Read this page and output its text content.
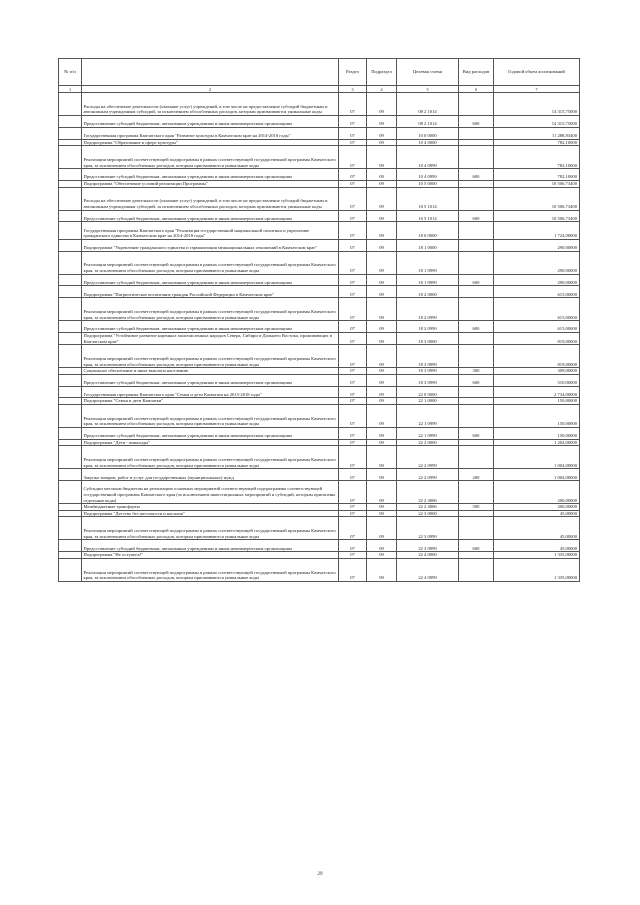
№ п/п		Раздел	Подраздел	Целевая статья	Вид расходов	Годовой объем ассигнований
1	2	3	4	5	6	7
	Расходы на обеспечение деятельности (оказание услуг) учреждений, в том числе на предоставление субсидий бюджетным и автономным учреждениям субсидий, за исключением обособленных расходов, которым присваиваются уникальные коды	07	09	08 2 1014		14 315,75000
	Предоставление субсидий бюджетным, автономным учреждениям и иным некоммерческим организациям	07	09	08 2 1014	600	14 315,75000
	Государственная программа Камчатского края "Развитие культуры в Камчатском крае на 2014-2018 годы"	07	09	10 0 0000		11 288,83400
	Подпрограмма "Образование в сфере культуры"	07	09	10 4 0000		782,10000
	Реализация мероприятий соответствующей подпрограммы в рамках соответствующей государственной программы Камчатского края, за исключением обособленных расходов, которым присваиваются уникальные коды	07	09	10 4 0999		782,10000
	Предоставление субсидий бюджетным, автономным учреждениям и иным некоммерческим организациям	07	09	10 4 0999	600	782,10000
	Подпрограмма "Обеспечение условий реализации Программы"	07	09	10 5 0000		10 506,73400
	Расходы на обеспечение деятельности (оказание услуг) учреждений, в том числе на предоставление субсидий бюджетным и автономным учреждениям субсидий, за исключением обособленных расходов, которым присваиваются уникальные коды	07	09	10 5 1014		10 506,73400
	Предоставление субсидий бюджетным, автономным учреждениям и иным некоммерческим организациям	07	09	10 5 1014	600	10 506,73400
	Государственная программа Камчатского края "Реализация государственной национальной политики и укрепление гражданского единства в Камчатском крае на 2014-2018 годы"	07	09	18 0 0000		1 724,00000
	Подпрограмма "Укрепление гражданского единства и гармонизация межнациональных отношений в Камчатском крае"	07	09	18 1 0000		290,00000
	Реализация мероприятий соответствующей подпрограммы в рамках соответствующей государственной программы Камчатского края, за исключением обособленных расходов, которым присваиваются уникальные коды	07	09	18 1 0999		290,00000
	Предоставление субсидий бюджетным, автономным учреждениям и иным некоммерческим организациям	07	09	18 1 0999	600	290,00000
	Подпрограмма "Патриотическое воспитание граждан Российской Федерации в Камчатском крае"	07	09	18 2 0000		615,00000
	Реализация мероприятий соответствующей подпрограммы в рамках соответствующей государственной программы Камчатского края, за исключением обособленных расходов, которым присваиваются уникальные коды	07	09	18 2 0999		615,00000
	Предоставление субсидий бюджетным, автономным учреждениям и иным некоммерческим организациям	07	09	18 2 0999	600	615,00000
	Подпрограмма "Устойчивое развитие коренных малочисленных народов Севера, Сибири и Дальнего Востока, проживающих в Камчатском крае"	07	09	18 3 0000		819,00000
	Реализация мероприятий соответствующей подпрограммы в рамках соответствующей государственной программы Камчатского края, за исключением обособленных расходов, которым присваиваются уникальные коды	07	09	18 3 0999		819,00000
	Социальное обеспечение и иные выплаты населению	07	09	18 3 0999	300	309,00000
	Предоставление субсидий бюджетным, автономным учреждениям и иным некоммерческим организациям	07	09	18 3 0999	600	510,00000
	Государственная программа Камчатского края "Семья и дети Камчатки на 2015-2018 годы"	07	09	22 0 0000		2 734,00000
	Подпрограмма "Семья и дети Камчатки"	07	09	22 1 0000		150,00000
	Реализация мероприятий соответствующей подпрограммы в рамках соответствующей государственной программы Камчатского края, за исключением обособленных расходов, которым присваиваются уникальные коды	07	09	22 1 0999		150,00000
	Предоставление субсидий бюджетным, автономным учреждениям и иным некоммерческим организациям	07	09	22 1 0999	600	150,00000
	Подпрограмма "Дети - инвалиды"	07	09	22 2 0000		1 204,00000
	Реализация мероприятий соответствующей подпрограммы в рамках соответствующей государственной программы Камчатского края, за исключением обособленных расходов, которым присваиваются уникальные коды	07	09	22 2 0999		1 004,00000
	Закупка товаров, работ и услуг для государственных (муниципальных) нужд	07	09	22 2 0999	200	1 004,00000
	Субсидии местным бюджетам на реализацию основных мероприятий соответствующей подпрограммы соответствующей государственной программы Камчатского края (за исключением инвестиционных мероприятий и субсидий, которым присвоены отдельные коды)	07	09	22 2 4006		200,00000
	Межбюджетные трансферты	07	09	22 2 4006	500	200,00000
	Подпрограмма "Детство без жестокости и насилия"	07	09	22 3 0000		45,00000
	Реализация мероприятий соответствующей подпрограммы в рамках соответствующей государственной программы Камчатского края, за исключением обособленных расходов, которым присваиваются уникальные коды	07	09	22 3 0999		45,00000
	Предоставление субсидий бюджетным, автономным учреждениям и иным некоммерческим организациям	07	09	22 3 0999	600	45,00000
	Подпрограмма "Не оступись!"	07	09	22 4 0000		1 335,00000
	Реализация мероприятий соответствующей подпрограммы в рамках соответствующей государственной программы Камчатского края, за исключением обособленных расходов, которым присваиваются уникальные коды	07	09	22 4 0999		1 335,00000
29
